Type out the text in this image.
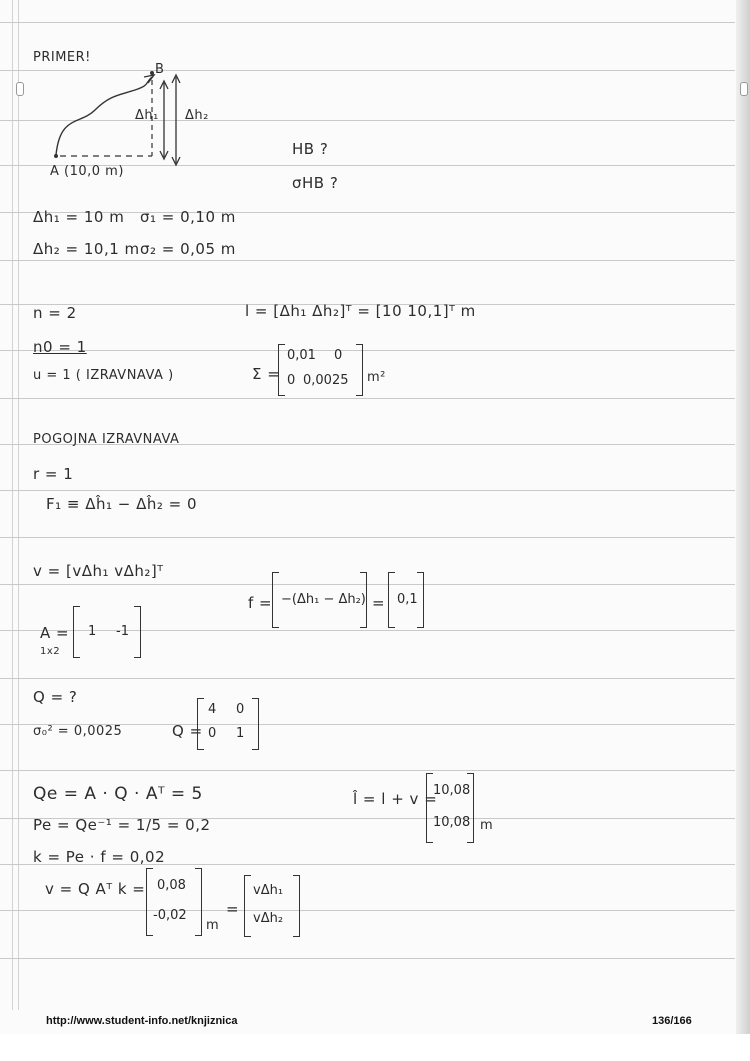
B
Δh₁ Δh₂
A (10,0 m)
PRIMER!
HB ?
σHB ?
Δh₁ = 10 m σ₁ = 0,10 m
Δh₂ = 10,1 m σ₂ = 0,05 m
n = 2
n0 = 1
u = 1 ( IZRAVNAVA )
l = [Δh₁ Δh₂]ᵀ = [10 10,1]ᵀ m
Σ =
0,01 0
0 0,0025 m²
POGOJNA IZRAVNAVA
r = 1
F₁ ≡ Δĥ₁ − Δĥ₂ = 0
v = [vΔh₁ vΔh₂]ᵀ
f = −(Δh₁ − Δh₂) = 0,1
A =
1x2
1 -1
Q = ?
σ₀² = 0,0025	Q =
4 0
0 1
Qe = A · Q · Aᵀ = 5
Pe = Qe⁻¹ = 1/5 = 0,2
k = Pe · f = 0,02
v = Q Aᵀ k = 0,08
-0,02
m
=
vΔh₁
vΔh₂
l̂ = l + v =
10,08
10,08 m
http://www.student-info.net/knjiznica	136/166
